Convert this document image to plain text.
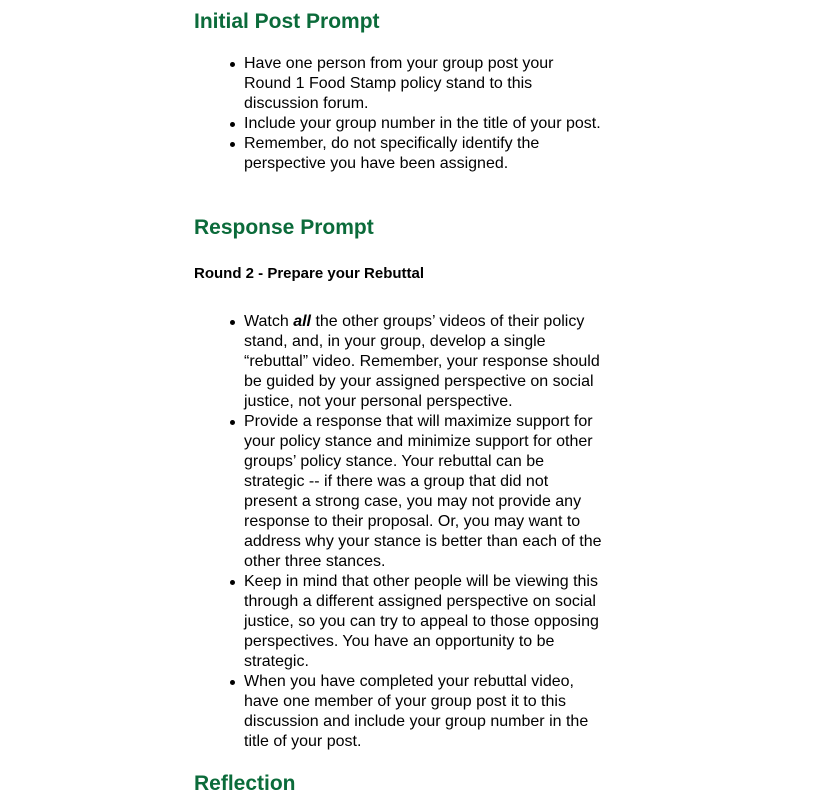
Initial Post Prompt
Have one person from your group post your Round 1 Food Stamp policy stand to this discussion forum.
Include your group number in the title of your post.
Remember, do not specifically identify the perspective you have been assigned.
Response Prompt
Round 2 - Prepare your Rebuttal
Watch all the other groups’ videos of their policy stand, and, in your group, develop a single “rebuttal” video. Remember, your response should be guided by your assigned perspective on social justice, not your personal perspective.
Provide a response that will maximize support for your policy stance and minimize support for other groups’ policy stance. Your rebuttal can be strategic -- if there was a group that did not present a strong case, you may not provide any response to their proposal. Or, you may want to address why your stance is better than each of the other three stances.
Keep in mind that other people will be viewing this through a different assigned perspective on social justice, so you can try to appeal to those opposing perspectives. You have an opportunity to be strategic.
When you have completed your rebuttal video, have one member of your group post it to this discussion and include your group number in the title of your post.
Reflection
